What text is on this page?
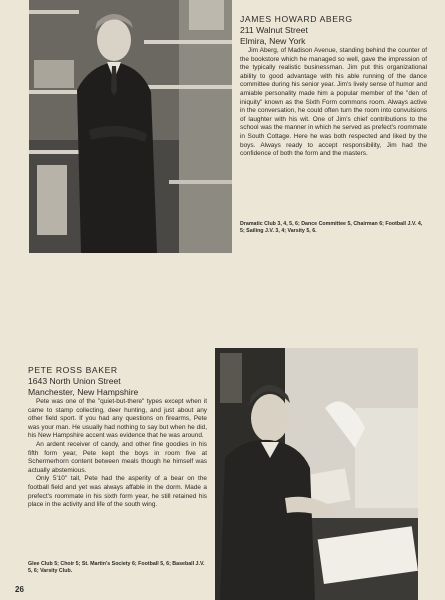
JAMES HOWARD ABERG

211 Walnut Street

Elmira, New York

Jim Aberg, of Madison Avenue, standing behind the counter of the bookstore which he managed so well, gave the impression of the typically realistic businessman. Jim put this organizational ability to good advantage with his able running of the dance committee during his senior year. Jim's lively sense of humor and amiable personality made him a popular member of the "den of iniquity" known as the Sixth Form commons room. Always active in the conversation, he could often turn the room into convulsions of laughter with his wit. One of Jim's chief contributions to the school was the manner in which he served as prefect's roommate in South Cottage. Here he was both respected and liked by the boys. Always ready to accept responsibility, Jim had the confidence of both the form and the masters.

Dramatic Club 3, 4, 5, 6; Dance Committee 5, Chairman 6; Football J.V. 4, 5; Sailing J.V. 3, 4; Varsity 5, 6.

PETE ROSS BAKER

1643 North Union Street

Manchester, New Hampshire

Pete was one of the "quiet-but-there" types except when it came to stamp collecting, deer hunting, and just about any other field sport. If you had any questions on firearms, Pete was your man. He usually had nothing to say but when he did, his New Hampshire accent was evidence that he was around.

An ardent receiver of candy, and other fine goodies in his fifth form year, Pete kept the boys in room five at Schermerhorn content between meals though he himself was actually abstemious.

Only 5'10" tall, Pete had the asperity of a bear on the football field and yet was always affable in the dorm. Made a prefect's roommate in his sixth form year, he still retained his place in the activity and life of the south wing.

Glee Club 5; Choir 5; St. Martin's Society 6; Football 5, 6; Baseball J.V. 5, 6; Varsity Club.

26
